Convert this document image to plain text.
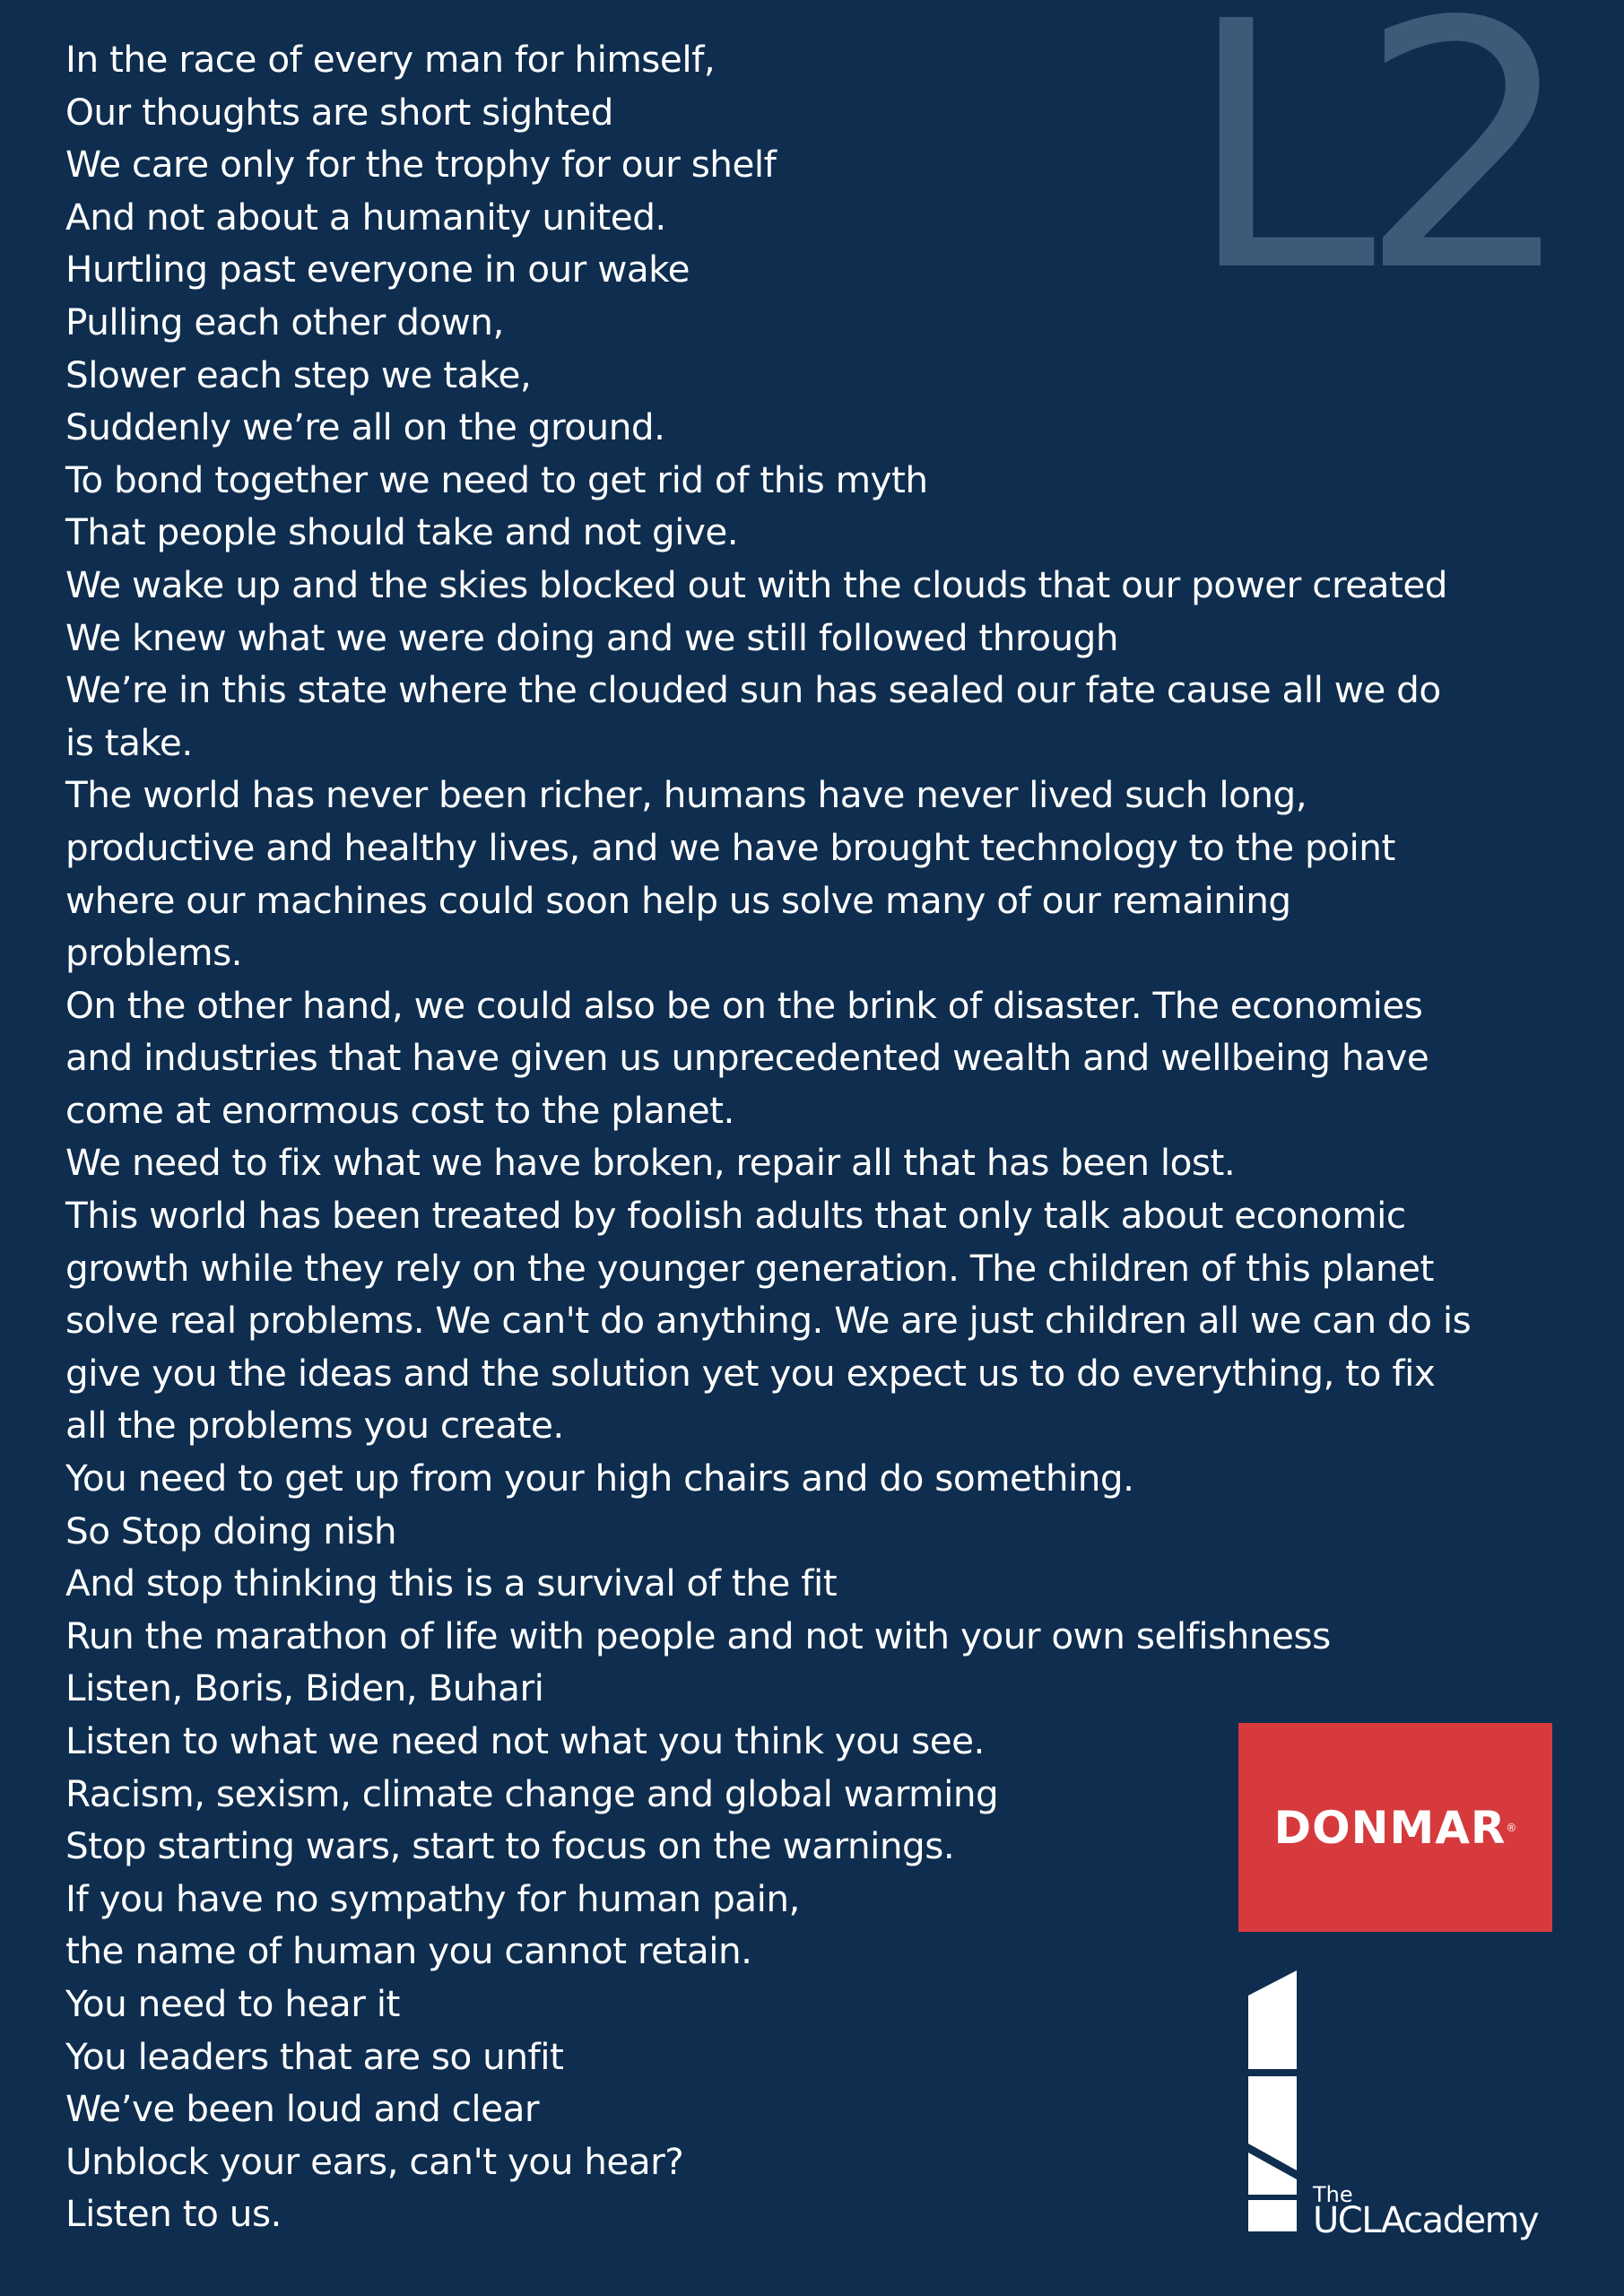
L2
In the race of every man for himself,
Our thoughts are short sighted
We care only for the trophy for our shelf
And not about a humanity united.
Hurtling past everyone in our wake
Pulling each other down,
Slower each step we take,
Suddenly we’re all on the ground.
To bond together we need to get rid of this myth
That people should take and not give.
We wake up and the skies blocked out with the clouds that our power created
We knew what we were doing and we still followed through
We’re in this state where the clouded sun has sealed our fate cause all we do
is take.
The world has never been richer, humans have never lived such long,
productive and healthy lives, and we have brought technology to the point
where our machines could soon help us solve many of our remaining
problems.
On the other hand, we could also be on the brink of disaster. The economies
and industries that have given us unprecedented wealth and wellbeing have
come at enormous cost to the planet.
We need to fix what we have broken, repair all that has been lost.
This world has been treated by foolish adults that only talk about economic
growth while they rely on the younger generation. The children of this planet
solve real problems. We can't do anything. We are just children all we can do is
give you the ideas and the solution yet you expect us to do everything, to fix
all the problems you create.
You need to get up from your high chairs and do something.
So Stop doing nish
And stop thinking this is a survival of the fit
Run the marathon of life with people and not with your own selfishness
Listen, Boris, Biden, Buhari
Listen to what we need not what you think you see.
Racism, sexism, climate change and global warming
Stop starting wars, start to focus on the warnings.
If you have no sympathy for human pain,
the name of human you cannot retain.
You need to hear it
You leaders that are so unfit
We’ve been loud and clear
Unblock your ears, can't you hear?
Listen to us.
DONMAR ®
The
UCLAcademy
